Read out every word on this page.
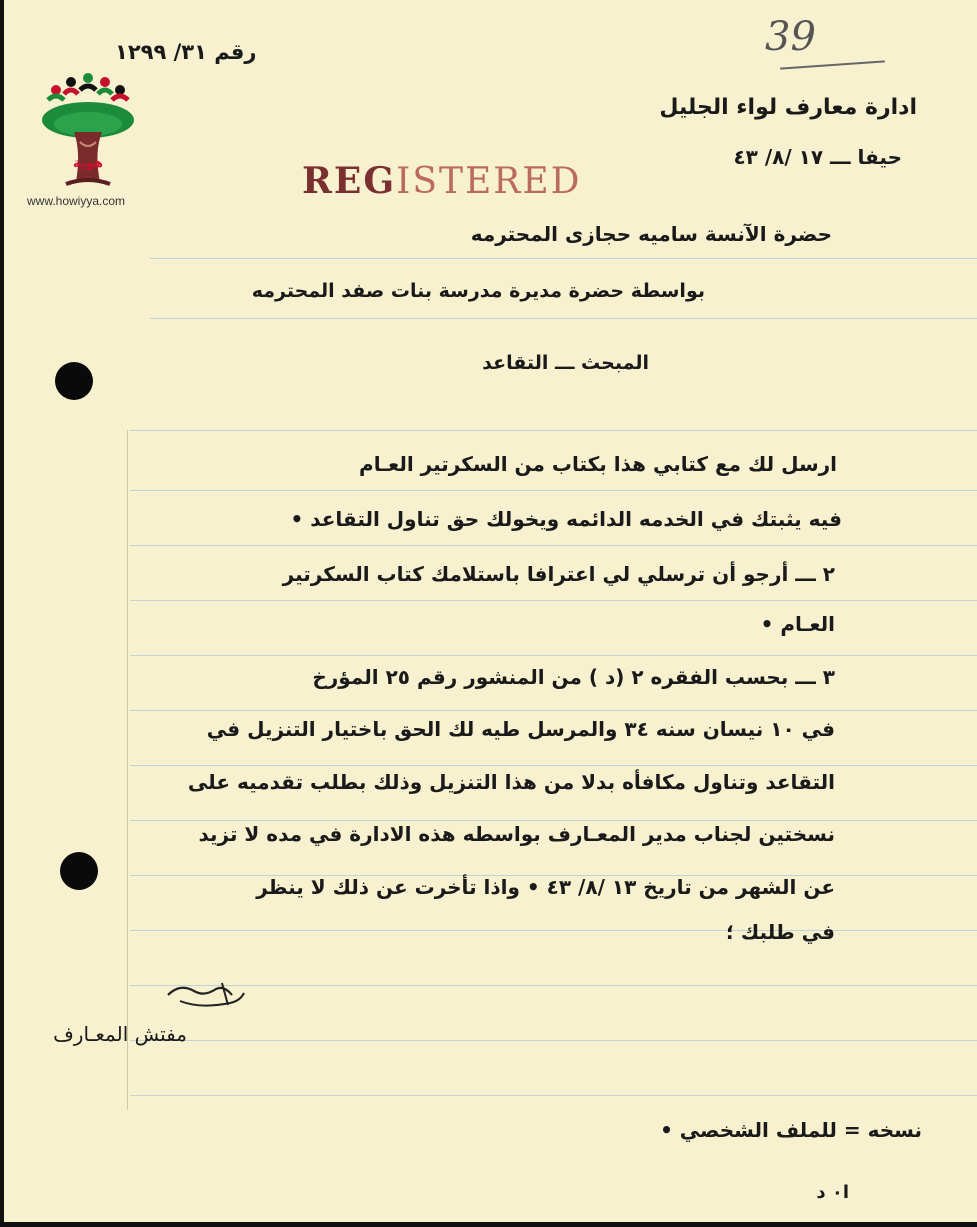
39
رقم ٣١/ ١٢٩٩
هوية
www.howiyya.com	REGISTERED
ادارة معارف لواء الجليل
حيفا ـــ ١٧ /٨/ ٤٣
حضرة الآنسة ساميه حجازى المحترمه
بواسطة حضرة مديرة مدرسة بنات صفد المحترمه
المبحث ـــ التقاعد
ارسل لك مع كتابي هذا بكتاب من السكرتير العـام
فيه يثبتك في الخدمه الدائمه ويخولك حق تناول التقاعد •
٢ ـــ أرجو أن ترسلي لي اعترافا باستلامك كتاب السكرتير
العـام •
٣ ـــ بحسب الفقره ٢ (د ) من المنشور رقم ٢٥ المؤرخ
في ١٠ نيسان سنه ٣٤ والمرسل طيه لك الحق باختيار التنزيل في
التقاعد وتناول مكافأه بدلا من هذا التنزيل وذلك بطلب تقدميه على
نسختين لجناب مدير المعـارف بواسطه هذه الادارة في مده لا تزيد
عن الشهر من تاريخ ١٣ /٨/ ٤٣ • واذا تأخرت عن ذلك لا ينظر
في طلبك ؛
مفتش المعـارف
نسخه = للملف الشخصي •
ا٠ د
